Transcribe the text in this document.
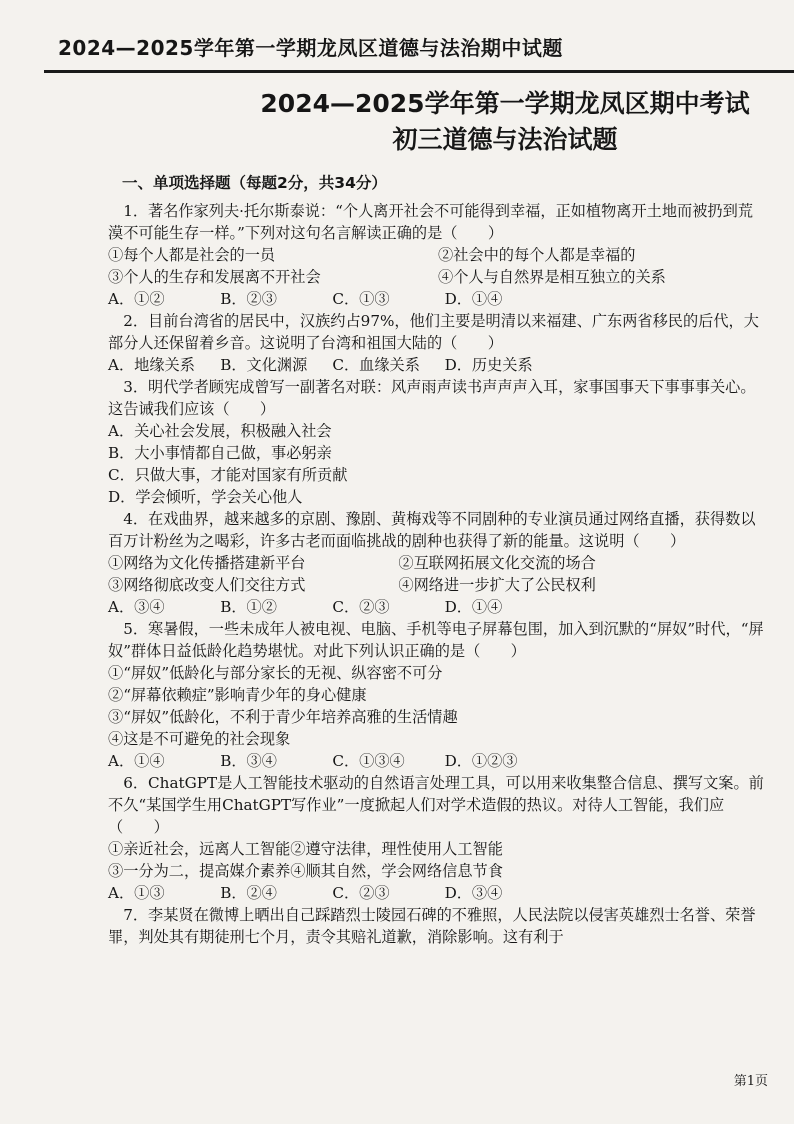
2024—2025学年第一学期龙凤区道德与法治期中试题
2024—2025学年第一学期龙凤区期中考试
初三道德与法治试题
一、单项选择题（每题2分，共34分）

1．著名作家列夫·托尔斯泰说：“个人离开社会不可能得到幸福，正如植物离开土地而被扔到荒漠不可能生存一样。”下列对这句名言解读正确的是（　　）

①每个人都是社会的一员	②社会中的每个人都是幸福的
③个人的生存和发展离不开社会	④个人与自然界是相互独立的关系
A．①②	B．②③	C．①③	D．①④

2．目前台湾省的居民中，汉族约占97%，他们主要是明清以来福建、广东两省移民的后代，大部分人还保留着乡音。这说明了台湾和祖国大陆的（　　）

A．地缘关系	B．文化渊源	C．血缘关系	D．历史关系

3．明代学者顾宪成曾写一副著名对联：风声雨声读书声声声入耳，家事国事天下事事事关心。这告诫我们应该（　　）

A．关心社会发展，积极融入社会
B．大小事情都自己做，事必躬亲
C．只做大事，才能对国家有所贡献
D．学会倾听，学会关心他人

4．在戏曲界，越来越多的京剧、豫剧、黄梅戏等不同剧种的专业演员通过网络直播，获得数以百万计粉丝为之喝彩，许多古老而面临挑战的剧种也获得了新的能量。这说明（　　）

①网络为文化传播搭建新平台	②互联网拓展文化交流的场合
③网络彻底改变人们交往方式	④网络进一步扩大了公民权利
A．③④	B．①②	C．②③	D．①④

5．寒暑假，一些未成年人被电视、电脑、手机等电子屏幕包围，加入到沉默的“屏奴”时代，“屏奴”群体日益低龄化趋势堪忧。对此下列认识正确的是（　　）

①“屏奴”低龄化与部分家长的无视、纵容密不可分
②“屏幕依赖症”影响青少年的身心健康
③“屏奴”低龄化，不利于青少年培养高雅的生活情趣
④这是不可避免的社会现象
A．①④	B．③④	C．①③④	D．①②③

6．ChatGPT是人工智能技术驱动的自然语言处理工具，可以用来收集整合信息、撰写文案。前不久“某国学生用ChatGPT写作业”一度掀起人们对学术造假的热议。对待人工智能，我们应（　　）

①亲近社会，远离人工智能②遵守法律，理性使用人工智能
③一分为二，提高媒介素养④顺其自然，学会网络信息节食
A．①③	B．②④	C．②③	D．③④

7．李某贤在微博上晒出自己踩踏烈士陵园石碑的不雅照，人民法院以侵害英雄烈士名誉、荣誉罪，判处其有期徒刑七个月，责令其赔礼道歉，消除影响。这有利于

第1页
